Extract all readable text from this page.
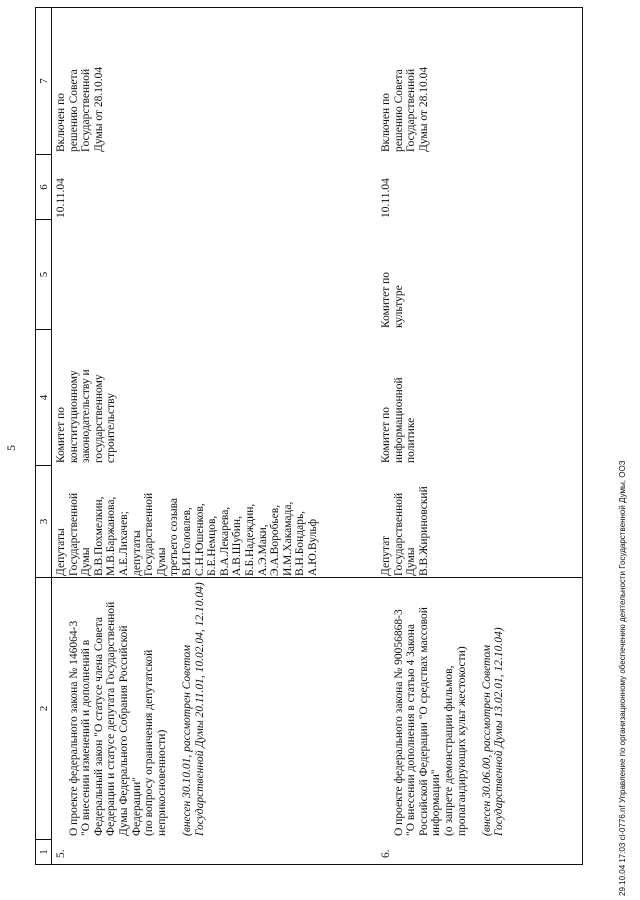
5
1
2
3
4
5
6
7
5.

О проекте федерального закона № 146064-3 "О внесении изменений и дополнений в Федеральный закон "О статусе члена Совета Федерации и статусе депутата Государственной Думы Федерального Собрания Российской Федерации"
(по вопросу ограничения депутатской неприкосновенности) (внесен 30.10.01, рассмотрен Советом Государственной Думы 20.11.01, 10.02.04, 12.10.04)

Депутаты
Государственной
Думы
В.В.Похмелкин,
М.В.Баржанова,
А.Е.Лихачев;
депутаты
Государственной
Думы
третьего созыва
В.И.Головлев,
С.Н.Юшенков,
Б.Е.Немцов,
В.А.Лекарева,
А.В.Шубин,
Б.Б.Надеждин,
А.Э.Маки,
Э.А.Воробьев,
И.М.Хакамада,
В.Н.Бондарь,
А.Ю.Вульф
Комитет по
конституционному
законодательству и
государственному
строительству
10.11.04
Включен по
решению Совета
Государственной
Думы от 28.10.04
6.

О проекте федерального закона № 90056868-3 "О внесении дополнения в статью 4 Закона Российской Федерации "О средствах массовой информации"
(о запрете демонстрации фильмов, пропагандирующих культ жестокости) (внесен 30.06.00, рассмотрен Советом Государственной Думы 13.02.01, 12.10.04)

Депутат
Государственной
Думы
В.В.Жириновский
Комитет по
информационной
политике
Комитет по
культуре
10.11.04
Включен по
решению Совета
Государственной
Думы от 28.10.04
29.10.04 17:03 cl-0776.nf Управление по организационному обеспечению деятельности Государственной Думы, ООЗ
